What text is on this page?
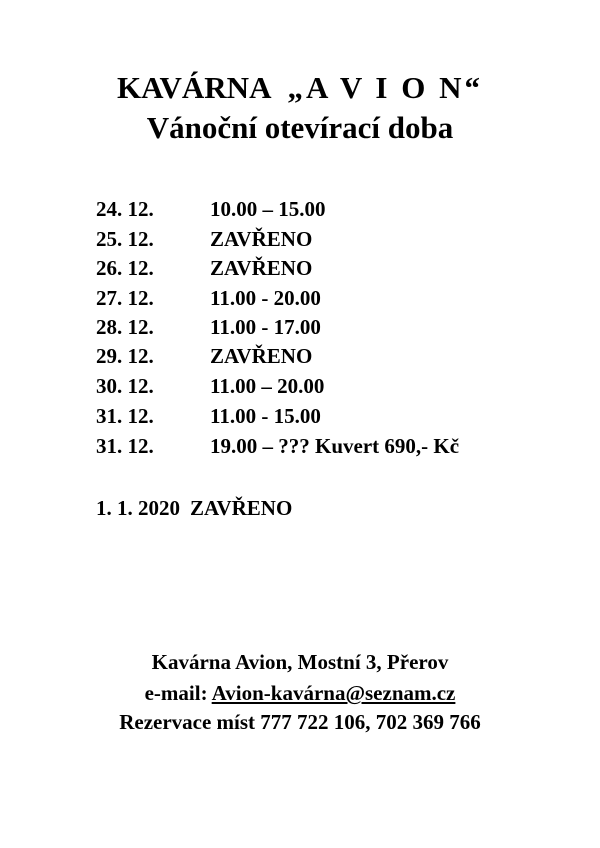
KAVÁRNA „A V I O N“
Vánoční otevírací doba
24. 12.	10.00 – 15.00
25. 12.	ZAVŘENO
26. 12.	ZAVŘENO
27. 12.	11.00 - 20.00
28. 12.	11.00 - 17.00
29. 12.	ZAVŘENO
30. 12.	11.00 – 20.00
31. 12.	11.00 - 15.00
31. 12.	19.00 – ??? Kuvert 690,- Kč
1. 1. 2020 ZAVŘENO
Kavárna Avion, Mostní 3, Přerov
e-mail: Avion-kavárna@seznam.cz
Rezervace míst 777 722 106, 702 369 766
